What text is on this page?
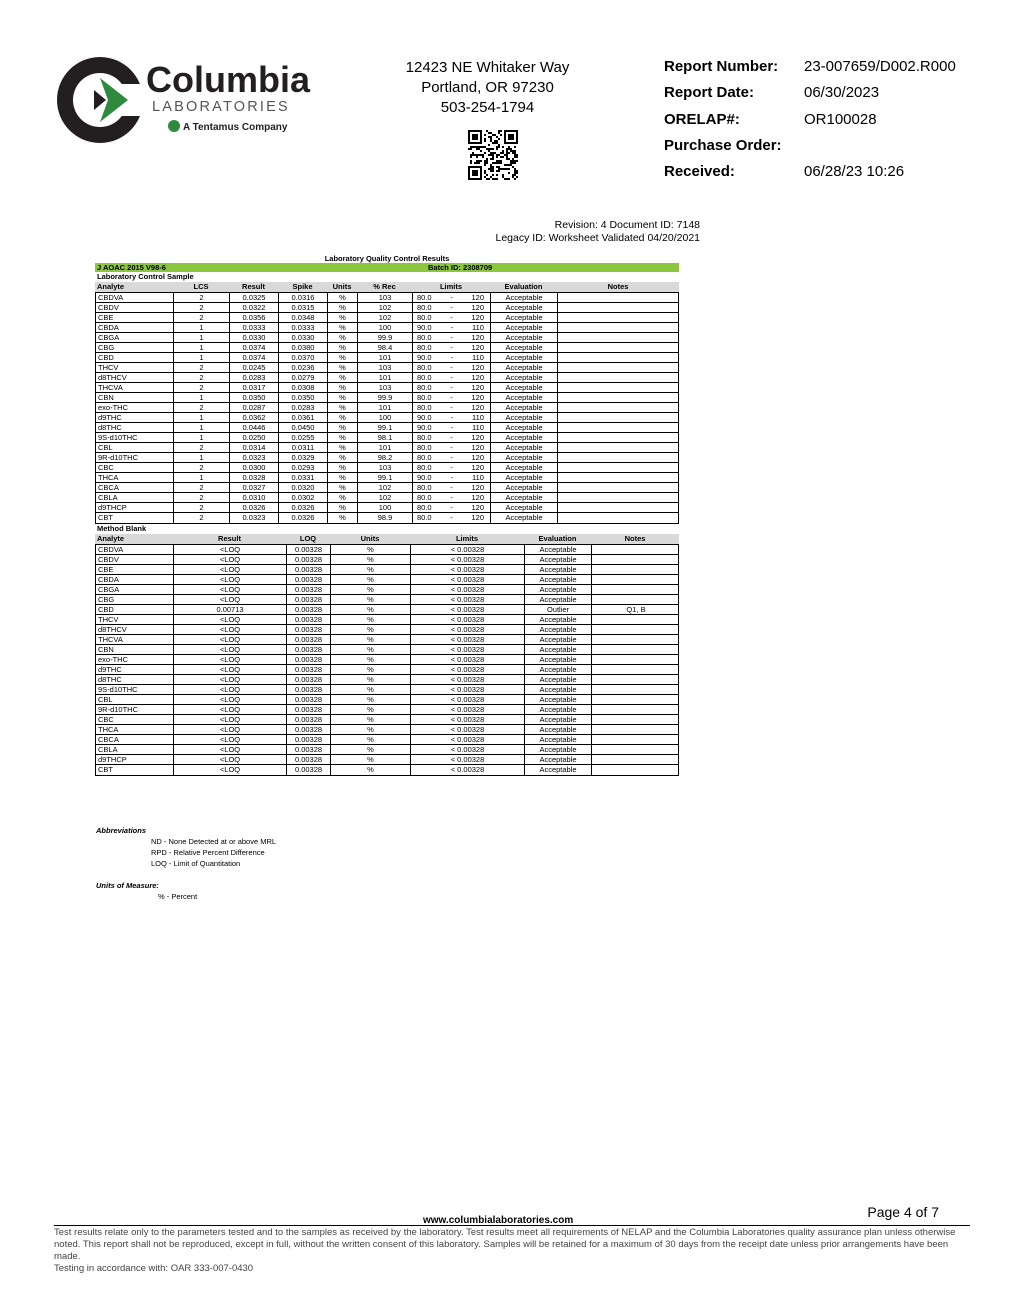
Columbia
LABORATORIES
A Tentamus Company
12423 NE Whitaker Way
Portland, OR 97230
503-254-1794
Report Number: 23-007659/D002.R000
Report Date:	06/30/2023
ORELAP#:	OR100028
Purchase Order:
Received:	06/28/23 10:26
Revision: 4 Document ID: 7148
Legacy ID: Worksheet Validated 04/20/2021
Laboratory Quality Control Results
J AOAC 2015 V98-6	Batch ID: 2308709
Laboratory Control Sample
Analyte	LCS	Result	Spike	Units	% Rec	Limits	Evaluation	Notes
CBDVA	2	0.0325	0.0316	%	103	80.0 - 120	Acceptable
CBDV	2	0.0322	0.0315	%	102	80.0 - 120	Acceptable
CBE	2	0.0356	0.0348	%	102	80.0 - 120	Acceptable
CBDA	1	0.0333	0.0333	%	100	90.0	-	110	Acceptable
CBGA	1	0.0330	0.0330	%	99.9	80.0 - 120	Acceptable
CBG	1	0.0374	0.0380	%	98.4	80.0 - 120	Acceptable
CBD	1	0.0374	0.0370	%	101	90.0	-	110	Acceptable
THCV	2	0.0245	0.0236	%	103	80.0 - 120	Acceptable
d8THCV	2	0.0283	0.0279	%	101	80.0 - 120	Acceptable
THCVA	2	0.0317	0.0308	%	103	80.0 - 120	Acceptable
CBN	1	0.0350	0.0350	%	99.9	80.0 - 120	Acceptable
exo-THC	2	0.0287	0.0283	%	101	80.0 - 120	Acceptable
d9THC	1	0.0362	0.0361	%	100	90.0	-	110	Acceptable
d8THC	1	0.0446	0.0450	%	99.1	90.0	-	110	Acceptable
9S-d10THC	1	0.0250	0.0255	%	98.1	80.0 - 120	Acceptable
CBL	2	0.0314	0.0311	%	101	80.0 - 120	Acceptable
9R-d10THC	1	0.0323	0.0329	%	98.2	80.0 - 120	Acceptable
CBC	2	0.0300	0.0293	%	103	80.0 - 120	Acceptable
THCA	1	0.0328	0.0331	%	99.1	90.0	-	110	Acceptable
CBCA	2	0.0327	0.0320	%	102	80.0 - 120	Acceptable
CBLA	2	0.0310	0.0302	%	102	80.0 - 120	Acceptable
d9THCP	2	0.0326	0.0326	%	100	80.0 - 120	Acceptable
CBT	2	0.0323	0.0326	%	98.9	80.0 - 120	Acceptable
Method Blank
Analyte	Result	LOQ	Units	Limits	Evaluation	Notes
CBDVA	<LOQ	0.00328	%	< 0.00328	Acceptable
CBDV	<LOQ	0.00328	%	< 0.00328	Acceptable
CBE	<LOQ	0.00328	%	< 0.00328	Acceptable
CBDA	<LOQ	0.00328	%	< 0.00328	Acceptable
CBGA	<LOQ	0.00328	%	< 0.00328	Acceptable
CBG	<LOQ	0.00328	%	< 0.00328	Acceptable
CBD	0.00713	0.00328	%	< 0.00328	Outlier	Q1, B
THCV	<LOQ	0.00328	%	< 0.00328	Acceptable
d8THCV	<LOQ	0.00328	%	< 0.00328	Acceptable
THCVA	<LOQ	0.00328	%	< 0.00328	Acceptable
CBN	<LOQ	0.00328	%	< 0.00328	Acceptable
exo-THC	<LOQ	0.00328	%	< 0.00328	Acceptable
d9THC	<LOQ	0.00328	%	< 0.00328	Acceptable
d8THC	<LOQ	0.00328	%	< 0.00328	Acceptable
9S-d10THC	<LOQ	0.00328	%	< 0.00328	Acceptable
CBL	<LOQ	0.00328	%	< 0.00328	Acceptable
9R-d10THC	<LOQ	0.00328	%	< 0.00328	Acceptable
CBC	<LOQ	0.00328	%	< 0.00328	Acceptable
THCA	<LOQ	0.00328	%	< 0.00328	Acceptable
CBCA	<LOQ	0.00328	%	< 0.00328	Acceptable
CBLA	<LOQ	0.00328	%	< 0.00328	Acceptable
d9THCP	<LOQ	0.00328	%	< 0.00328	Acceptable
CBT	<LOQ	0.00328	%	< 0.00328	Acceptable
Abbreviations
ND - None Detected at or above MRL
RPD - Relative Percent Difference
LOQ - Limit of Quantitation
Units of Measure:
% - Percent
Page 4 of 7
www.columbialaboratories.com
Test results relate only to the parameters tested and to the samples as received by the laboratory. Test results meet all requirements of NELAP and the Columbia Laboratories quality assurance plan unless otherwise noted. This report shall not be reproduced, except in full, without the written consent of this laboratory. Samples will be retained for a maximum of 30 days from the receipt date unless prior arrangements have been made.
Testing in accordance with: OAR 333-007-0430
